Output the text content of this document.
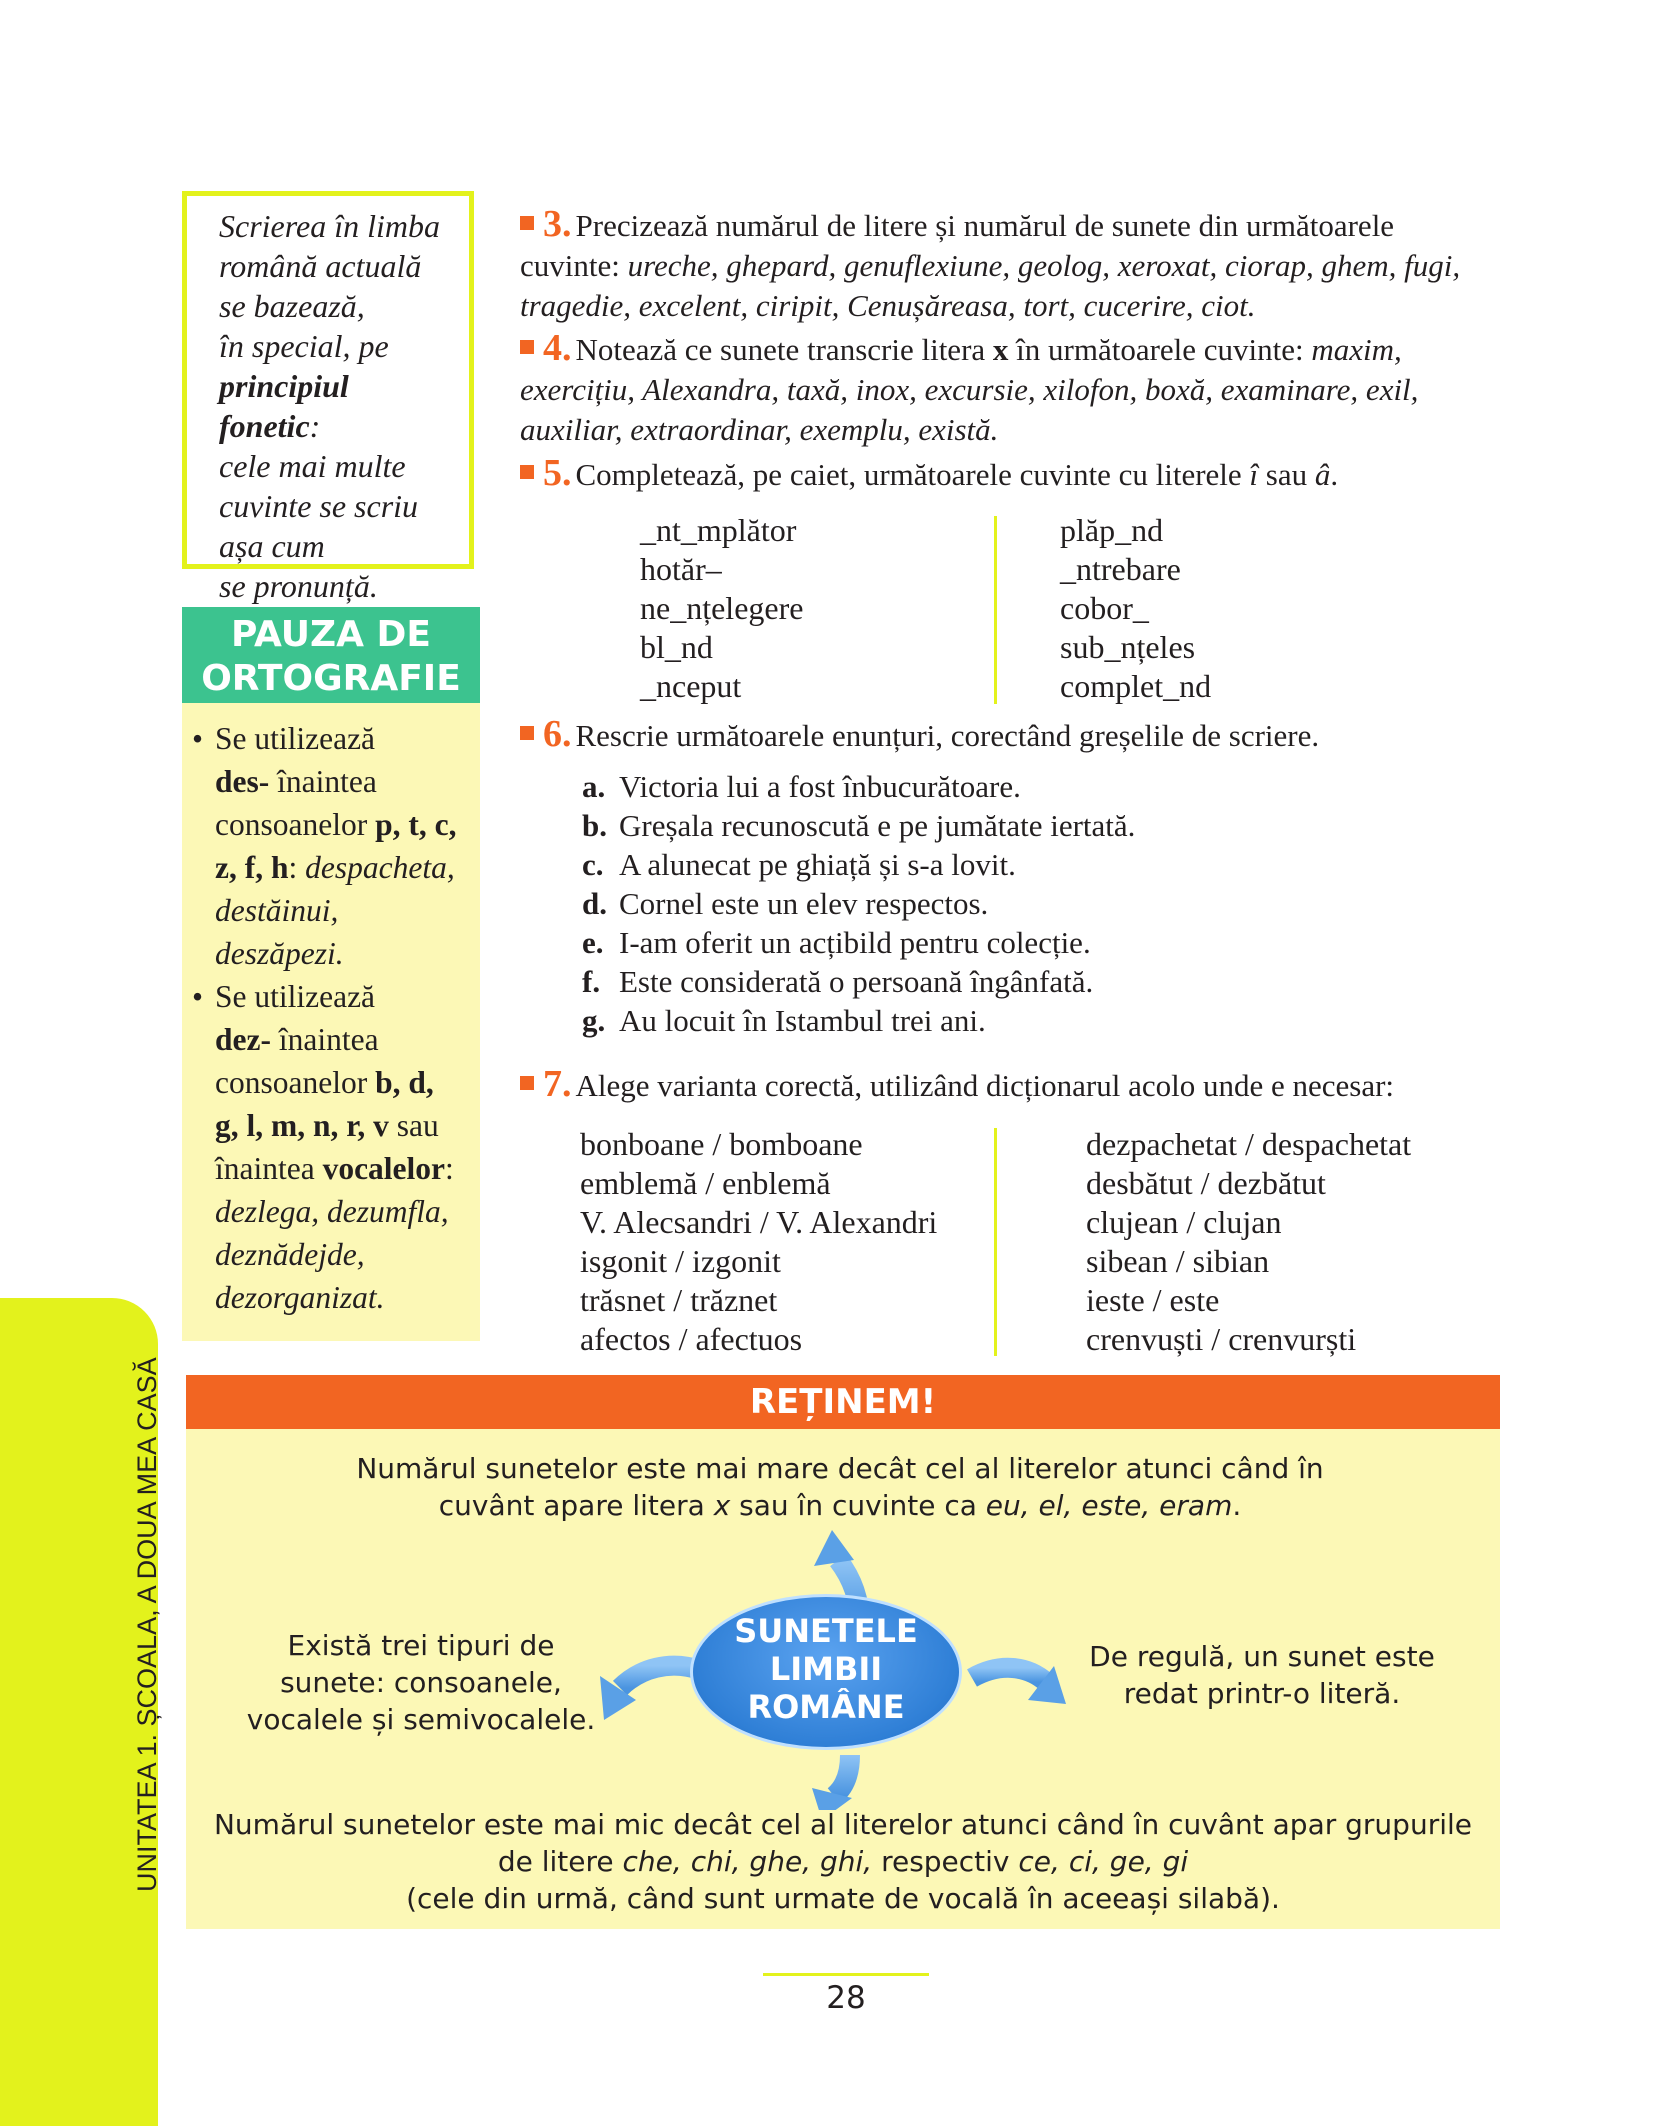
UNITATEA 1. ȘCOALA, A DOUA MEA CASĂ
Scrierea în limba
română actuală
se bazează,
în special, pe
principiul fonetic:
cele mai multe
cuvinte se scriu
așa cum
se pronunță.
PAUZA DE
ORTOGRAFIE
• Se utilizează
des- înaintea
consoanelor p, t, c,
z, f, h: despacheta,
destăinui,
deszăpezi.
• Se utilizează
dez- înaintea
consoanelor b, d,
g, l, m, n, r, v sau
înaintea vocalelor:
dezlega, dezumfla,
deznădejde,
dezorganizat.
3. Precizează numărul de litere și numărul de sunete din următoarele cuvinte: ureche, ghepard, genuflexiune, geolog, xeroxat, ciorap, ghem, fugi, tragedie, excelent, ciripit, Cenușăreasa, tort, cucerire, ciot.
4. Notează ce sunete transcrie litera x în următoarele cuvinte: maxim, exercițiu, Alexandra, taxă, inox, excursie, xilofon, boxă, examinare, exil, auxiliar, extraordinar, exemplu, există.
5. Completează, pe caiet, următoarele cuvinte cu literele î sau â.
_nt_mplător
hotăr–
ne_nțelegere
bl_nd
_nceput
plăp_nd
_ntrebare
cobor_
sub_nțeles
complet_nd
6. Rescrie următoarele enunțuri, corectând greșelile de scriere.
a. Victoria lui a fost înbucurătoare.
b. Greșala recunoscută e pe jumătate iertată.
c. A alunecat pe ghiață și s-a lovit.
d. Cornel este un elev respectos.
e. I-am oferit un acțibild pentru colecție.
f. Este considerată o persoană îngânfată.
g. Au locuit în Istambul trei ani.
7. Alege varianta corectă, utilizând dicționarul acolo unde e necesar:
bonboane / bomboane
emblemă / enblemă
V. Alecsandri / V. Alexandri
isgonit / izgonit
trăsnet / trăznet
afectos / afectuos
dezpachetat / despachetat
desbătut / dezbătut
clujean / clujan
sibean / sibian
ieste / este
crenvuști / crenvurști
REȚINEM!
Numărul sunetelor este mai mare decât cel al literelor atunci când în
cuvânt apare litera x sau în cuvinte ca eu, el, este, eram.
SUNETELE
LIMBII
ROMÂNE
Există trei tipuri de
sunete: consoanele,
vocalele și semivocalele.
De regulă, un sunet este
redat printr-o literă.
Numărul sunetelor este mai mic decât cel al literelor atunci când în cuvânt apar grupurile
de litere che, chi, ghe, ghi, respectiv ce, ci, ge, gi
(cele din urmă, când sunt urmate de vocală în aceeași silabă).
28
